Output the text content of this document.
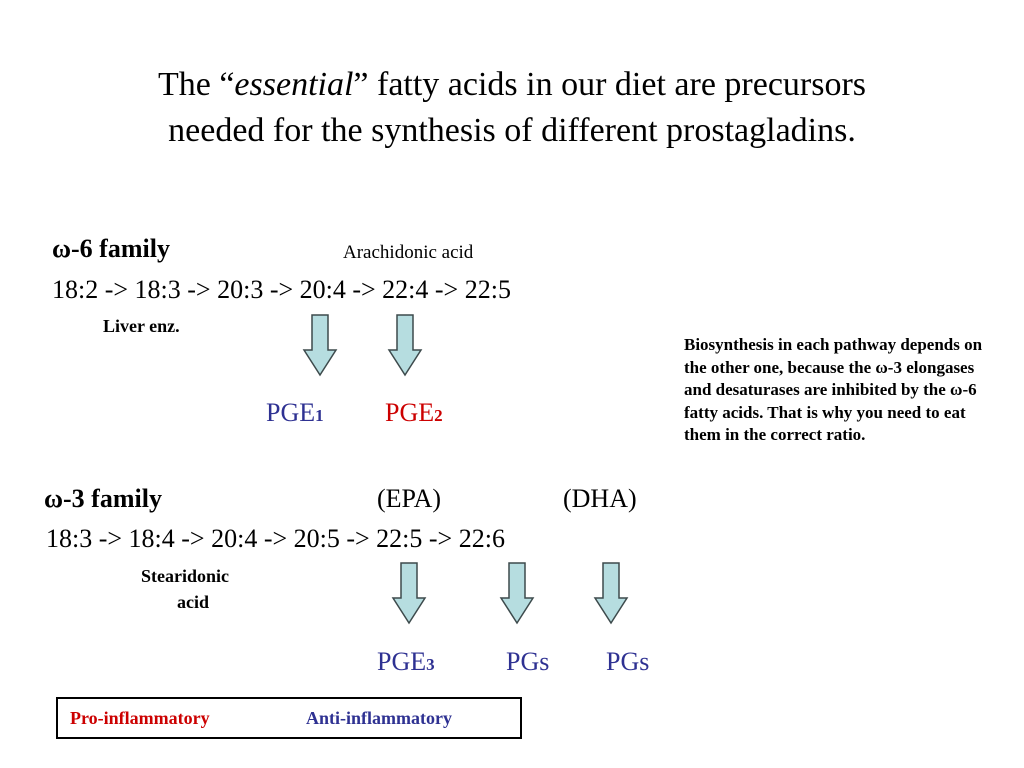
The “essential” fatty acids in our diet are precursors
needed for the synthesis of different prostagladins.
ω-6 family	Arachidonic acid
18:2 -> 18:3 -> 20:3 -> 20:4 -> 22:4 -> 22:5
Liver enz.
PGE1 PGE2
ω-3 family	(EPA)	(DHA)
18:3 -> 18:4 -> 20:4 -> 20:5 -> 22:5 -> 22:6
Stearidonic
acid
PGE3	PGs PGs
Biosynthesis in each pathway depends on the other one, because the ω-3 elongases and desaturases are inhibited by the ω-6 fatty acids. That is why you need to eat them in the correct ratio.
Pro-inflammatory	Anti-inflammatory
